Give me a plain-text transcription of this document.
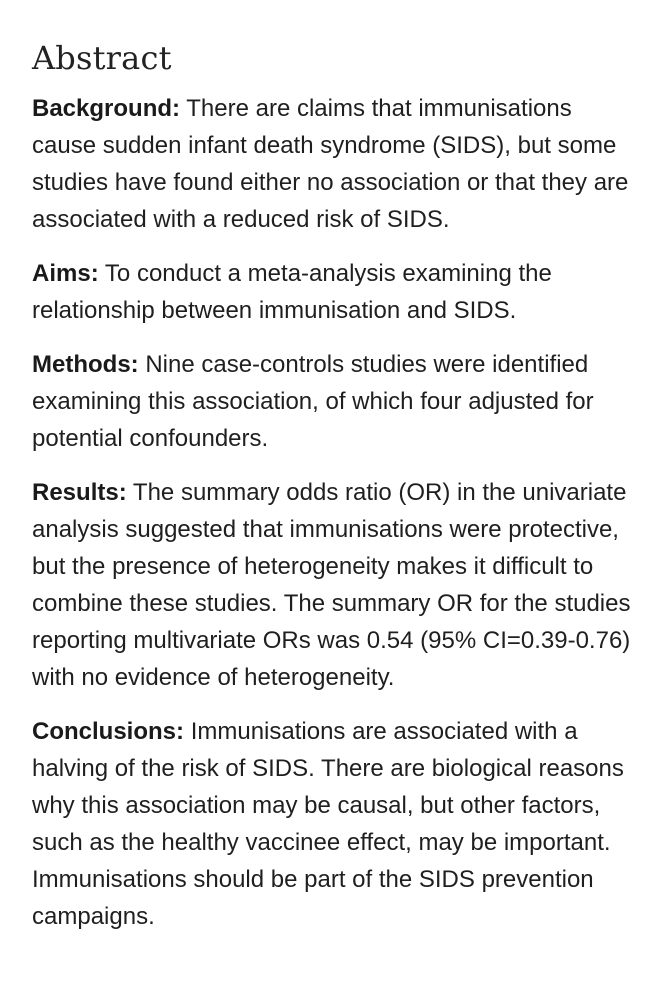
Abstract

Background: There are claims that immunisations cause sudden infant death syndrome (SIDS), but some studies have found either no association or that they are associated with a reduced risk of SIDS.

Aims: To conduct a meta-analysis examining the relationship between immunisation and SIDS.

Methods: Nine case-controls studies were identified examining this association, of which four adjusted for potential confounders.

Results: The summary odds ratio (OR) in the univariate analysis suggested that immunisations were protective, but the presence of heterogeneity makes it difficult to combine these studies. The summary OR for the studies reporting multivariate ORs was 0.54 (95% CI=0.39-0.76) with no evidence of heterogeneity.

Conclusions: Immunisations are associated with a halving of the risk of SIDS. There are biological reasons why this association may be causal, but other factors, such as the healthy vaccinee effect, may be important. Immunisations should be part of the SIDS prevention campaigns.
